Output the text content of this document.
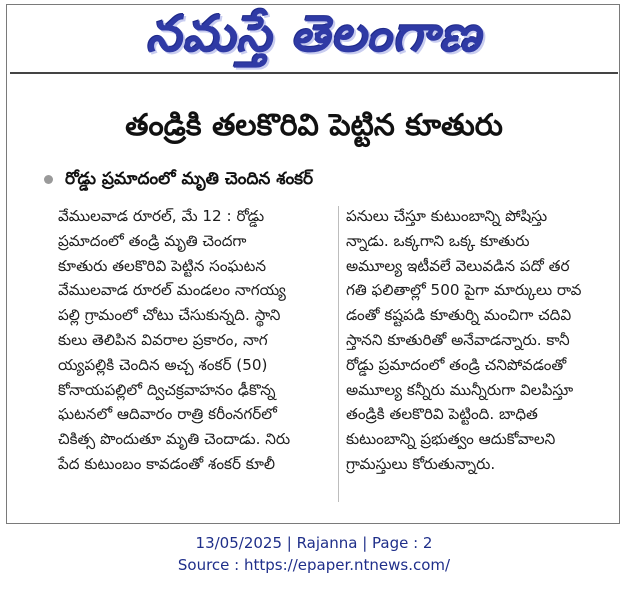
నమస్తే తెలంగాణ
తండ్రికి తలకొరివి పెట్టిన కూతురు
రోడ్డు ప్రమాదంలో మృతి చెందిన శంకర్
వేములవాడ రూరల్, మే 12 : రోడ్డు
ప్రమాదంలో తండ్రి మృతి చెందగా
కూతురు తలకొరివి పెట్టిన సంఘటన
వేములవాడ రూరల్ మండలం నాగయ్య
పల్లి గ్రామంలో చోటు చేసుకున్నది. స్థాని
కులు తెలిపిన వివరాల ప్రకారం, నాగ
య్యపల్లికి చెందిన అచ్చ శంకర్ (50)
కోనాయపల్లిలో ద్విచక్రవాహనం ఢీకొన్న
ఘటనలో ఆదివారం రాత్రి కరీంనగర్‌లో
చికిత్స పొందుతూ మృతి చెందాడు. నిరు
పేద కుటుంబం కావడంతో శంకర్ కూలీ
పనులు చేస్తూ కుటుంబాన్ని పోషిస్తు
న్నాడు. ఒక్కగాని ఒక్క కూతురు
అమూల్య ఇటీవలే వెలువడిన పదో తర
గతి ఫలితాల్లో 500 పైగా మార్కులు రావ
డంతో కష్టపడి కూతుర్ని మంచిగా చదివి
స్తానని కూతురితో అనేవాడన్నారు. కానీ
రోడ్డు ప్రమాదంలో తండ్రి చనిపోవడంతో
అమూల్య కన్నీరు మున్నీరుగా విలపిస్తూ
తండ్రికి తలకొరివి పెట్టింది. బాధిత
కుటుంబాన్ని ప్రభుత్వం ఆదుకోవాలని
గ్రామస్తులు కోరుతున్నారు.
13/05/2025 | Rajanna | Page : 2
Source : https://epaper.ntnews.com/
